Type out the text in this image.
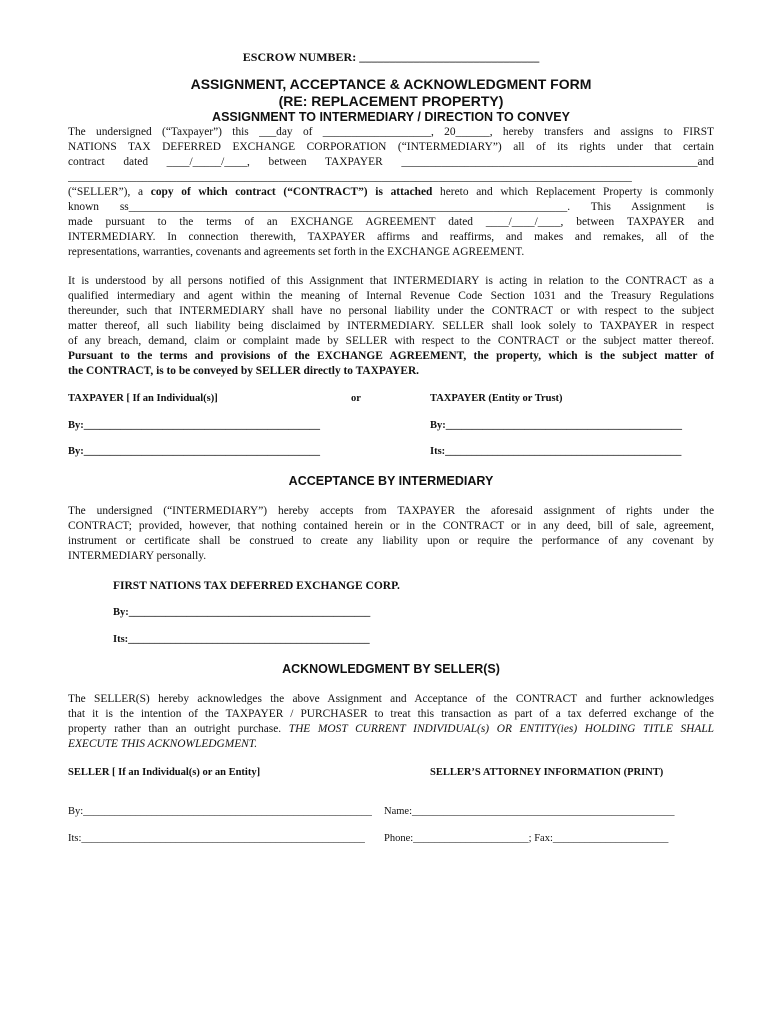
ESCROW NUMBER: ______________________________
ASSIGNMENT, ACCEPTANCE & ACKNOWLEDGMENT FORM
(RE: REPLACEMENT PROPERTY)
ASSIGNMENT TO INTERMEDIARY / DIRECTION TO CONVEY
The undersigned (“Taxpayer”) this ___day of ___________________, 20______, hereby transfers and assigns to FIRST
NATIONS TAX DEFERRED EXCHANGE CORPORATION (“INTERMEDIARY”) all of its rights under that certain
contract dated ____/_____/____, between TAXPAYER ____________________________________________________and
___________________________________________________________________________________________________
(“SELLER”), a copy of which contract (“CONTRACT”) is attached hereto and which Replacement Property is commonly
known ss_____________________________________________________________________________. This Assignment is
made pursuant to the terms of an EXCHANGE AGREEMENT dated ____/____/____, between TAXPAYER and
INTERMEDIARY. In connection therewith, TAXPAYER affirms and reaffirms, and makes and remakes, all of the
representations, warranties, covenants and agreements set forth in the EXCHANGE AGREEMENT.
It is understood by all persons notified of this Assignment that INTERMEDIARY is acting in relation to the CONTRACT as a
qualified intermediary and agent within the meaning of Internal Revenue Code Section 1031 and the Treasury Regulations
thereunder, such that INTERMEDIARY shall have no personal liability under the CONTRACT or with respect to the subject
matter thereof, all such liability being disclaimed by INTERMEDIARY. SELLER shall look solely to TAXPAYER in respect
of any breach, demand, claim or complaint made by SELLER with respect to the CONTRACT or the subject matter thereof.
Pursuant to the terms and provisions of the EXCHANGE AGREEMENT, the property, which is the subject matter of
the CONTRACT, is to be conveyed by SELLER directly to TAXPAYER.
TAXPAYER [ If an Individual(s)]	or	TAXPAYER (Entity or Trust)
By:_____________________________________________	By:_____________________________________________
By:_____________________________________________	Its:_____________________________________________
ACCEPTANCE BY INTERMEDIARY
The undersigned (“INTERMEDIARY”) hereby accepts from TAXPAYER the aforesaid assignment of rights under the
CONTRACT; provided, however, that nothing contained herein or in the CONTRACT or in any deed, bill of sale, agreement,
instrument or certificate shall be construed to create any liability upon or require the performance of any covenant by
INTERMEDIARY personally.
FIRST NATIONS TAX DEFERRED EXCHANGE CORP.
By:______________________________________________
Its:______________________________________________
ACKNOWLEDGMENT BY SELLER(S)
The SELLER(S) hereby acknowledges the above Assignment and Acceptance of the CONTRACT and further acknowledges
that it is the intention of the TAXPAYER / PURCHASER to treat this transaction as part of a tax deferred exchange of the
property rather than an outright purchase. THE MOST CURRENT INDIVIDUAL(s) OR ENTITY(ies) HOLDING TITLE SHALL
EXECUTE THIS ACKNOWLEDGMENT.
SELLER [ If an Individual(s) or an Entity]	SELLER’S ATTORNEY INFORMATION (PRINT)
By:_______________________________________________________ Name:__________________________________________________
Its:______________________________________________________ Phone:______________________; Fax:______________________
